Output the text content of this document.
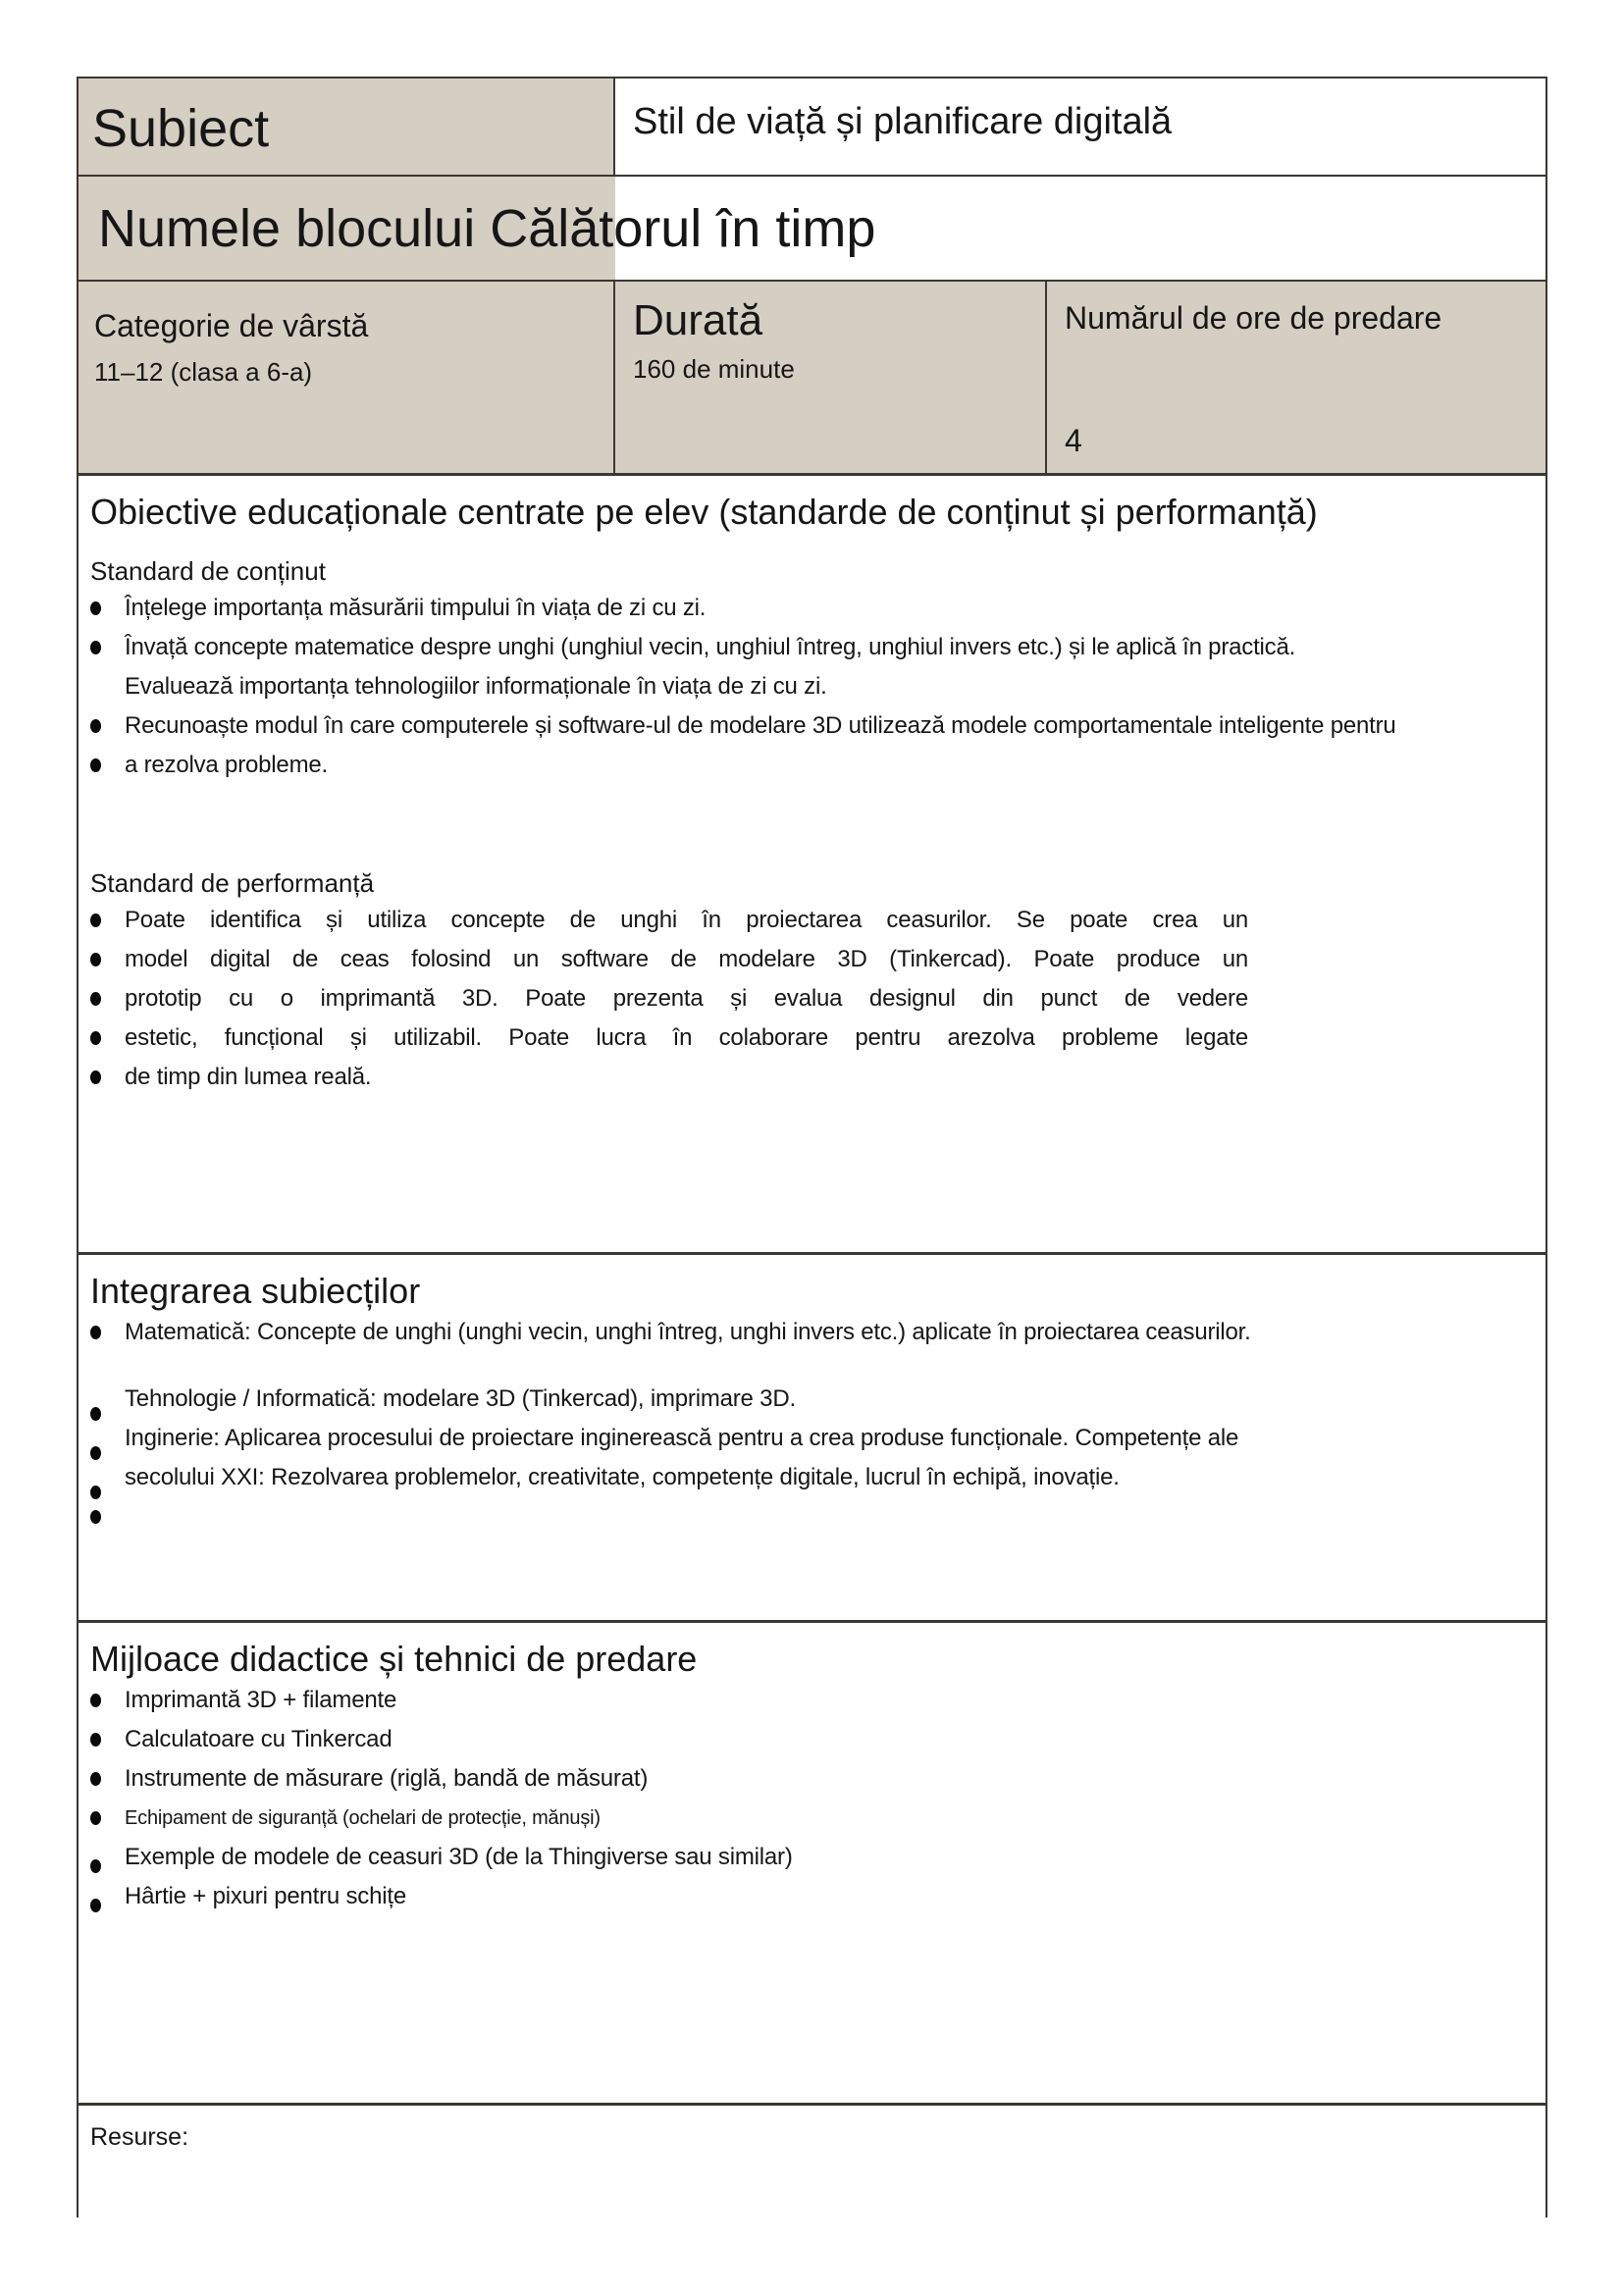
Subiect	Stil de viață și planificare digitală
Numele blocului Călătorul în timp
Categorie de vârstă
11–12 (clasa a 6-a)
Durată
160 de minute
Numărul de ore de predare
4
Obiective educaționale centrate pe elev (standarde de conținut și performanță)
Standard de conținut
Înțelege importanța măsurării timpului în viața de zi cu zi.
Învață concepte matematice despre unghi (unghiul vecin, unghiul întreg, unghiul invers etc.) și le aplică în practică.
Evaluează importanța tehnologiilor informaționale în viața de zi cu zi.
Recunoaște modul în care computerele și software-ul de modelare 3D utilizează modele comportamentale inteligente pentru
a rezolva probleme.
Standard de performanță
Poate identifica și utiliza concepte de unghi în proiectarea ceasurilor. Se poate crea un
model digital de ceas folosind un software de modelare 3D (Tinkercad). Poate produce un
prototip cu o imprimantă 3D. Poate prezenta și evalua designul din punct de vedere
estetic, funcțional și utilizabil. Poate lucra în colaborare pentru arezolva probleme legate
de timp din lumea reală.
Integrarea subiecților
Matematică: Concepte de unghi (unghi vecin, unghi întreg, unghi invers etc.) aplicate în proiectarea ceasurilor.
Tehnologie / Informatică: modelare 3D (Tinkercad), imprimare 3D.
Inginerie: Aplicarea procesului de proiectare inginerească pentru a crea produse funcționale. Competențe ale
secolului XXI: Rezolvarea problemelor, creativitate, competențe digitale, lucrul în echipă, inovație.
Mijloace didactice și tehnici de predare
Imprimantă 3D + filamente
Calculatoare cu Tinkercad
Instrumente de măsurare (riglă, bandă de măsurat)
Echipament de siguranță (ochelari de protecție, mănuși)
Exemple de modele de ceasuri 3D (de la Thingiverse sau similar)
Hârtie + pixuri pentru schițe
Resurse:
